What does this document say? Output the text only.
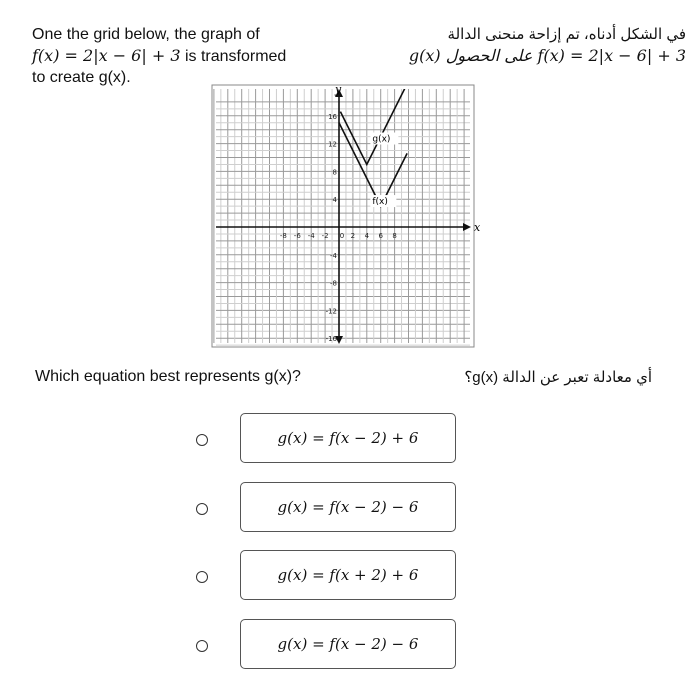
One the grid below, the graph of
f(x) = 2|x − 6| + 3 is transformed
to create g(x).
في الشكل أدناه، تم إزاحة منحنى الدالة
g(x) على الحصول f(x) = 2|x − 6| + 3
x
y
-8 -6 -4 -2 0 2 4 6 8
16
12
8
4
-4
-8
-12
-16
g(x)
f(x)
Which equation best represents g(x)?	أي معادلة تعبر عن الدالة g(x)؟
g(x) = f(x − 2) + 6
g(x) = f(x − 2) − 6
g(x) = f(x + 2) + 6
g(x) = f(x − 2) − 6
